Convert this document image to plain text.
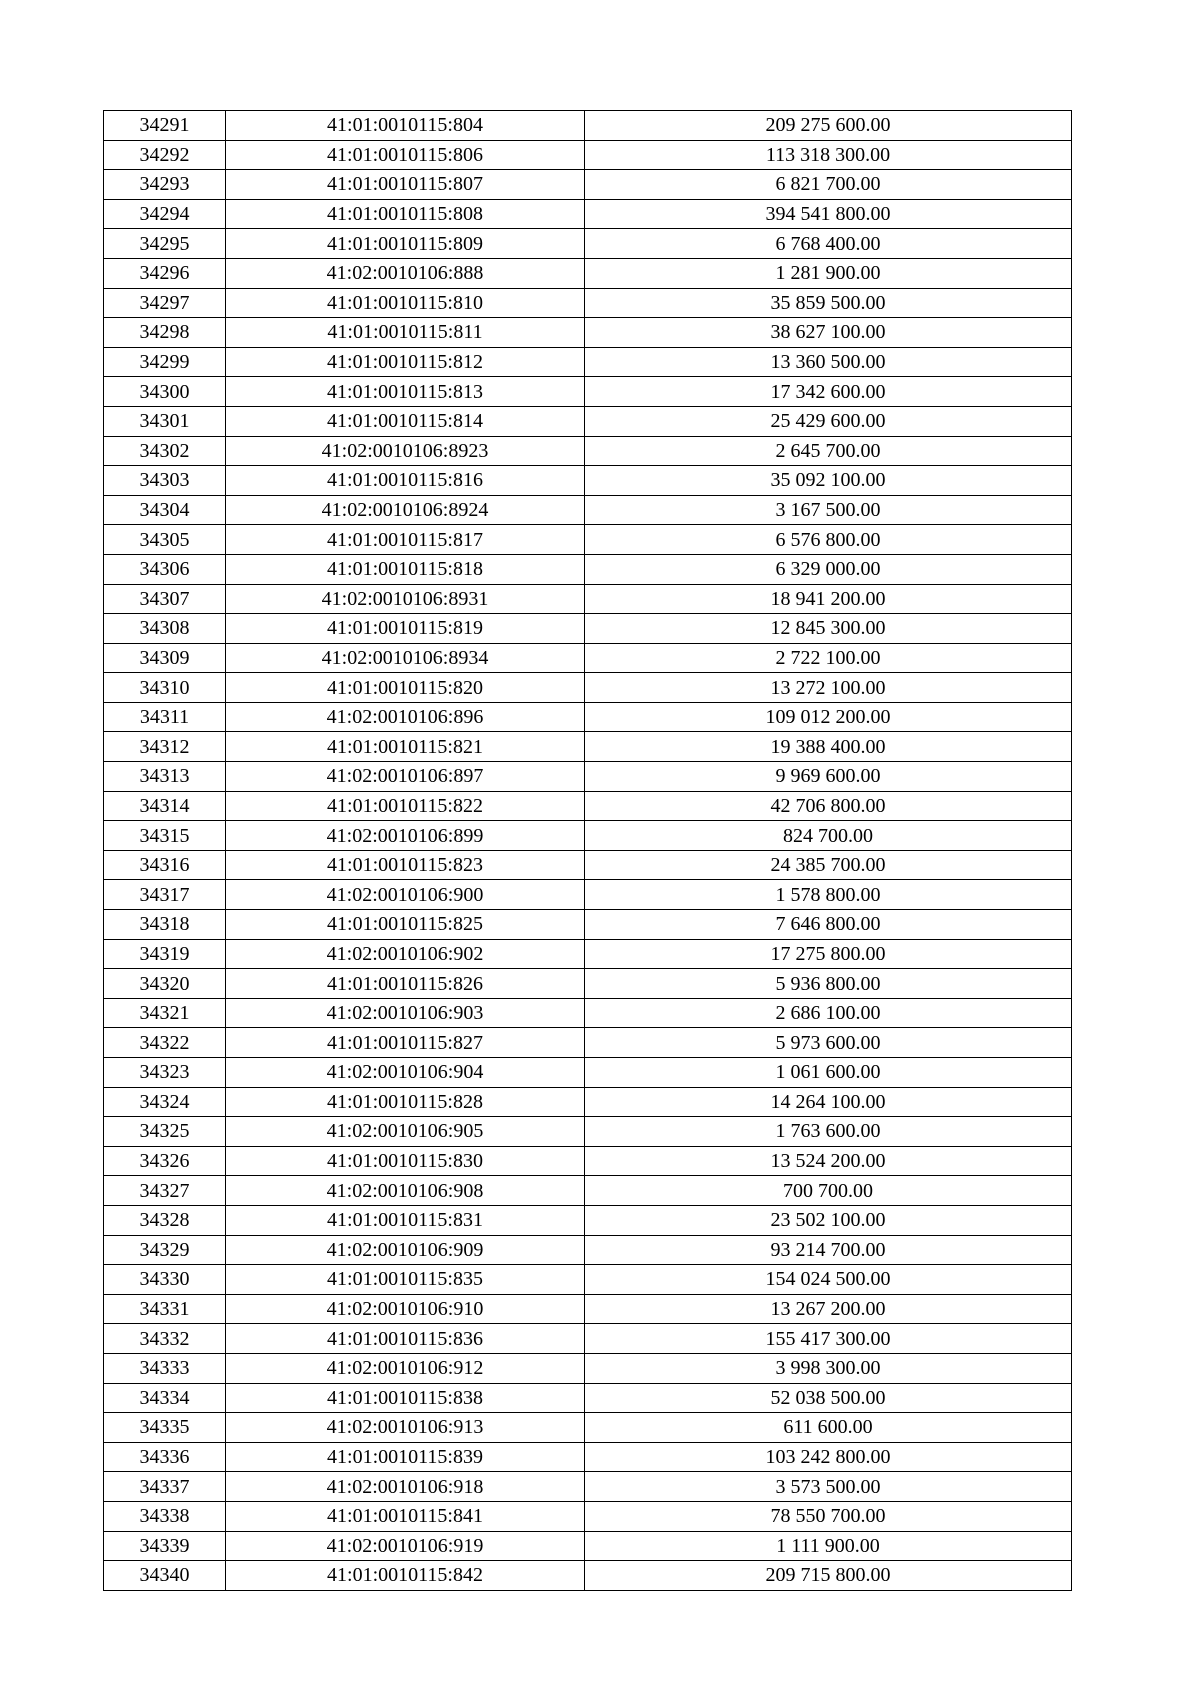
34291	41:01:0010115:804	209 275 600.00
34292	41:01:0010115:806	113 318 300.00
34293	41:01:0010115:807	6 821 700.00
34294	41:01:0010115:808	394 541 800.00
34295	41:01:0010115:809	6 768 400.00
34296	41:02:0010106:888	1 281 900.00
34297	41:01:0010115:810	35 859 500.00
34298	41:01:0010115:811	38 627 100.00
34299	41:01:0010115:812	13 360 500.00
34300	41:01:0010115:813	17 342 600.00
34301	41:01:0010115:814	25 429 600.00
34302	41:02:0010106:8923	2 645 700.00
34303	41:01:0010115:816	35 092 100.00
34304	41:02:0010106:8924	3 167 500.00
34305	41:01:0010115:817	6 576 800.00
34306	41:01:0010115:818	6 329 000.00
34307	41:02:0010106:8931	18 941 200.00
34308	41:01:0010115:819	12 845 300.00
34309	41:02:0010106:8934	2 722 100.00
34310	41:01:0010115:820	13 272 100.00
34311	41:02:0010106:896	109 012 200.00
34312	41:01:0010115:821	19 388 400.00
34313	41:02:0010106:897	9 969 600.00
34314	41:01:0010115:822	42 706 800.00
34315	41:02:0010106:899	824 700.00
34316	41:01:0010115:823	24 385 700.00
34317	41:02:0010106:900	1 578 800.00
34318	41:01:0010115:825	7 646 800.00
34319	41:02:0010106:902	17 275 800.00
34320	41:01:0010115:826	5 936 800.00
34321	41:02:0010106:903	2 686 100.00
34322	41:01:0010115:827	5 973 600.00
34323	41:02:0010106:904	1 061 600.00
34324	41:01:0010115:828	14 264 100.00
34325	41:02:0010106:905	1 763 600.00
34326	41:01:0010115:830	13 524 200.00
34327	41:02:0010106:908	700 700.00
34328	41:01:0010115:831	23 502 100.00
34329	41:02:0010106:909	93 214 700.00
34330	41:01:0010115:835	154 024 500.00
34331	41:02:0010106:910	13 267 200.00
34332	41:01:0010115:836	155 417 300.00
34333	41:02:0010106:912	3 998 300.00
34334	41:01:0010115:838	52 038 500.00
34335	41:02:0010106:913	611 600.00
34336	41:01:0010115:839	103 242 800.00
34337	41:02:0010106:918	3 573 500.00
34338	41:01:0010115:841	78 550 700.00
34339	41:02:0010106:919	1 111 900.00
34340	41:01:0010115:842	209 715 800.00
